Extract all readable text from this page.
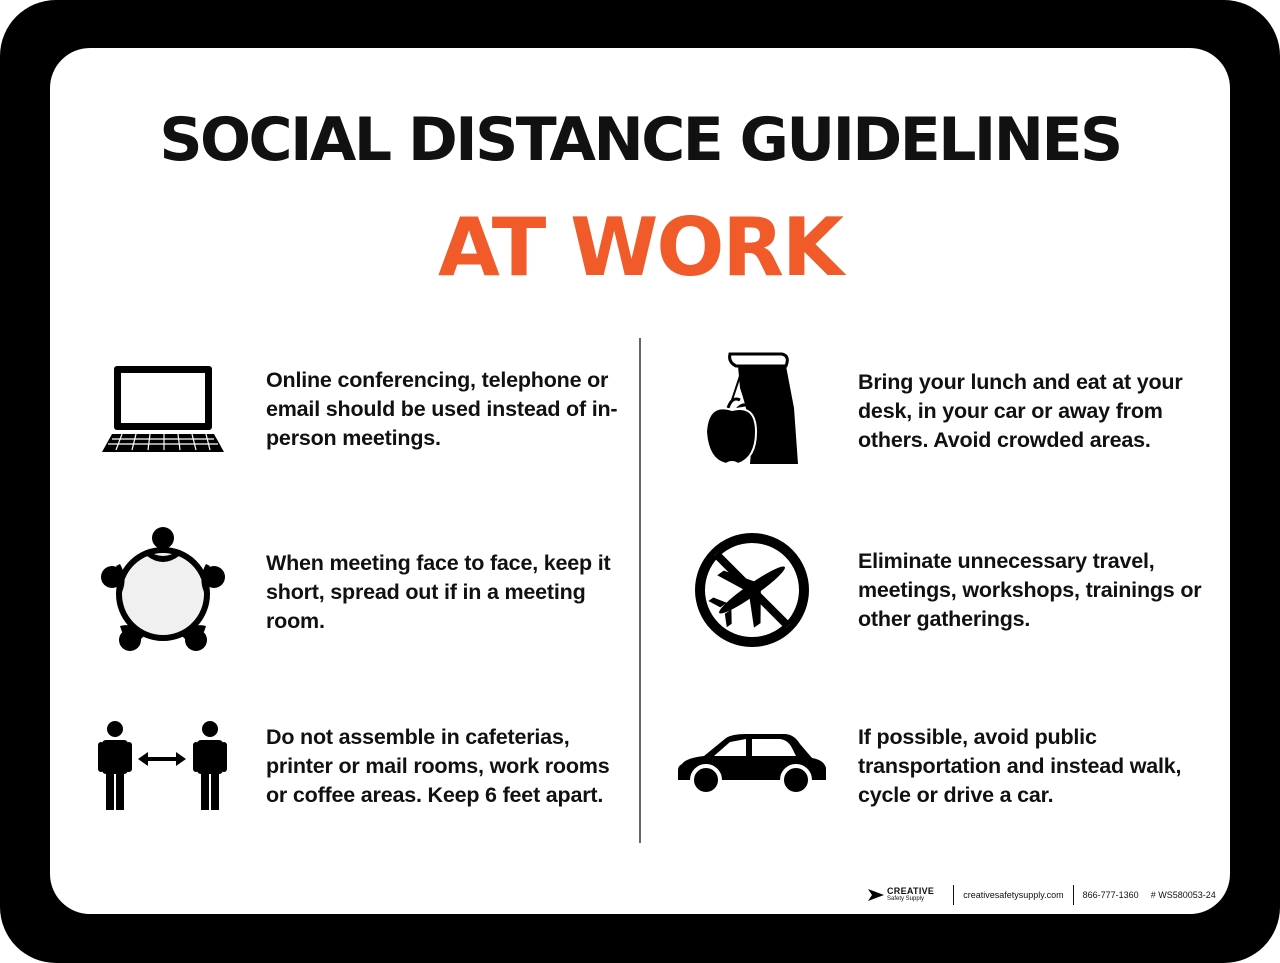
SOCIAL DISTANCE GUIDELINES
AT WORK
Online conferencing, telephone or email should be used instead of in-person meetings.
When meeting face to face, keep it short, spread out if in a meeting room.
Do not assemble in cafeterias, printer or mail rooms, work rooms or coffee areas. Keep 6 feet apart.
Bring your lunch and eat at your desk, in your car or away from others. Avoid crowded areas.
Eliminate unnecessary travel, meetings, workshops, trainings or other gatherings.
If possible, avoid public transportation and instead walk, cycle or drive a car.
CREATIVE
Safety Supply	creativesafetysupply.com 866-777-1360 # WS580053-24
